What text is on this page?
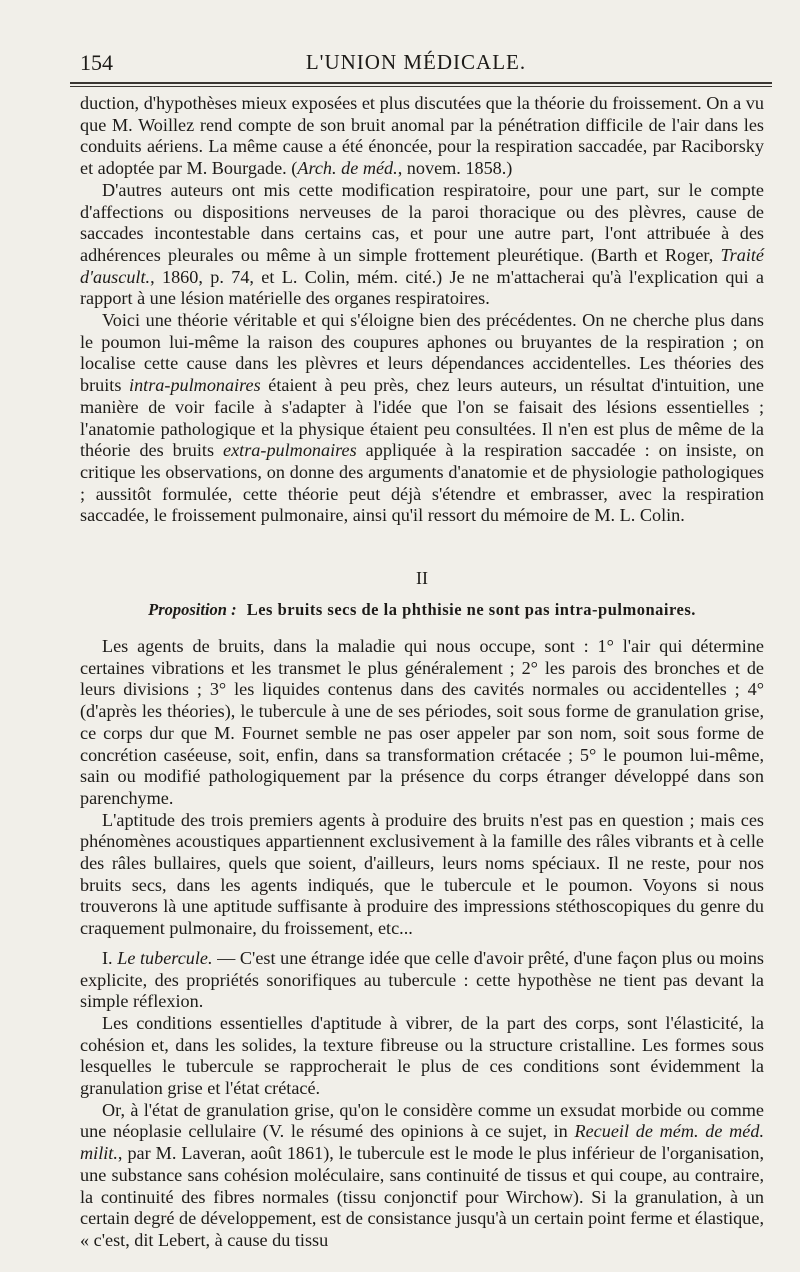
154	L'UNION MÉDICALE.

duction, d'hypothèses mieux exposées et plus discutées que la théorie du froissement. On a vu que M. Woillez rend compte de son bruit anomal par la pénétration difficile de l'air dans les conduits aériens. La même cause a été énoncée, pour la respiration saccadée, par Raciborsky et adoptée par M. Bourgade. (Arch. de méd., novem. 1858.)

D'autres auteurs ont mis cette modification respiratoire, pour une part, sur le compte d'affections ou dispositions nerveuses de la paroi thoracique ou des plèvres, cause de saccades incontestable dans certains cas, et pour une autre part, l'ont attribuée à des adhérences pleurales ou même à un simple frottement pleurétique. (Barth et Roger, Traité d'auscult., 1860, p. 74, et L. Colin, mém. cité.) Je ne m'attacherai qu'à l'explication qui a rapport à une lésion matérielle des organes respiratoires.

Voici une théorie véritable et qui s'éloigne bien des précédentes. On ne cherche plus dans le poumon lui-même la raison des coupures aphones ou bruyantes de la respiration ; on localise cette cause dans les plèvres et leurs dépendances accidentelles. Les théories des bruits intra-pulmonaires étaient à peu près, chez leurs auteurs, un résultat d'intuition, une manière de voir facile à s'adapter à l'idée que l'on se faisait des lésions essentielles ; l'anatomie pathologique et la physique étaient peu consultées. Il n'en est plus de même de la théorie des bruits extra-pulmonaires appliquée à la respiration saccadée : on insiste, on critique les observations, on donne des arguments d'anatomie et de physiologie pathologiques ; aussitôt formulée, cette théorie peut déjà s'étendre et embrasser, avec la respiration saccadée, le froissement pulmonaire, ainsi qu'il ressort du mémoire de M. L. Colin.

II
Proposition : Les bruits secs de la phthisie ne sont pas intra-pulmonaires.

Les agents de bruits, dans la maladie qui nous occupe, sont : 1° l'air qui détermine certaines vibrations et les transmet le plus généralement ; 2° les parois des bronches et de leurs divisions ; 3° les liquides contenus dans des cavités normales ou accidentelles ; 4° (d'après les théories), le tubercule à une de ses périodes, soit sous forme de granulation grise, ce corps dur que M. Fournet semble ne pas oser appeler par son nom, soit sous forme de concrétion caséeuse, soit, enfin, dans sa transformation crétacée ; 5° le poumon lui-même, sain ou modifié pathologiquement par la présence du corps étranger développé dans son parenchyme.

L'aptitude des trois premiers agents à produire des bruits n'est pas en question ; mais ces phénomènes acoustiques appartiennent exclusivement à la famille des râles vibrants et à celle des râles bullaires, quels que soient, d'ailleurs, leurs noms spéciaux. Il ne reste, pour nos bruits secs, dans les agents indiqués, que le tubercule et le poumon. Voyons si nous trouverons là une aptitude suffisante à produire des impressions stéthoscopiques du genre du craquement pulmonaire, du froissement, etc...

I. Le tubercule. — C'est une étrange idée que celle d'avoir prêté, d'une façon plus ou moins explicite, des propriétés sonorifiques au tubercule : cette hypothèse ne tient pas devant la simple réflexion.

Les conditions essentielles d'aptitude à vibrer, de la part des corps, sont l'élasticité, la cohésion et, dans les solides, la texture fibreuse ou la structure cristalline. Les formes sous lesquelles le tubercule se rapprocherait le plus de ces conditions sont évidemment la granulation grise et l'état crétacé.

Or, à l'état de granulation grise, qu'on le considère comme un exsudat morbide ou comme une néoplasie cellulaire (V. le résumé des opinions à ce sujet, in Recueil de mém. de méd. milit., par M. Laveran, août 1861), le tubercule est le mode le plus inférieur de l'organisation, une substance sans cohésion moléculaire, sans continuité de tissus et qui coupe, au contraire, la continuité des fibres normales (tissu conjonctif pour Wirchow). Si la granulation, à un certain degré de développement, est de consistance jusqu'à un certain point ferme et élastique, « c'est, dit Lebert, à cause du tissu
